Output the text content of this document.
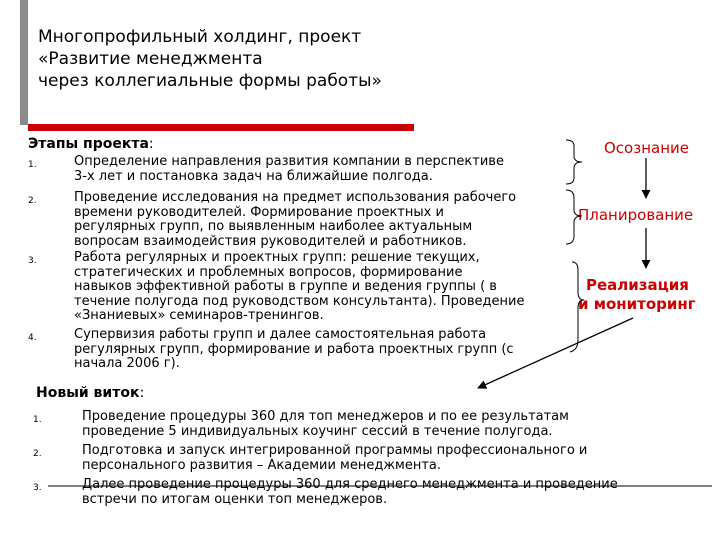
Многопрофильный холдинг, проект
«Развитие менеджмента
через коллегиальные формы работы»
Этапы проекта:
1.	Определение направления развития компании в перспективе
3-х лет и постановка задач на ближайшие полгода.
2.	Проведение исследования на предмет использования рабочего
времени руководителей. Формирование проектных и
регулярных групп, по выявленным наиболее актуальным
вопросам взаимодействия руководителей и работников.
3.	Работа регулярных и проектных групп: решение текущих,
стратегических и проблемных вопросов, формирование
навыков эффективной работы в группе и ведения группы ( в
течение полугода под руководством консультанта). Проведение
«Знаниевых» семинаров-тренингов.
4.	Супервизия работы групп и далее самостоятельная работа
регулярных групп, формирование и работа проектных групп (с
начала 2006 г).
Осознание
Планирование
Реализация
и мониторинг
Новый виток:
1.	Проведение процедуры 360 для топ менеджеров и по ее результатам
проведение 5 индивидуальных коучинг сессий в течение полугода.
2.	Подготовка и запуск интегрированной программы профессионального и
персонального развития – Академии менеджмента.
3.	Далее проведение процедуры 360 для среднего менеджмента и проведение
встречи по итогам оценки топ менеджеров.
